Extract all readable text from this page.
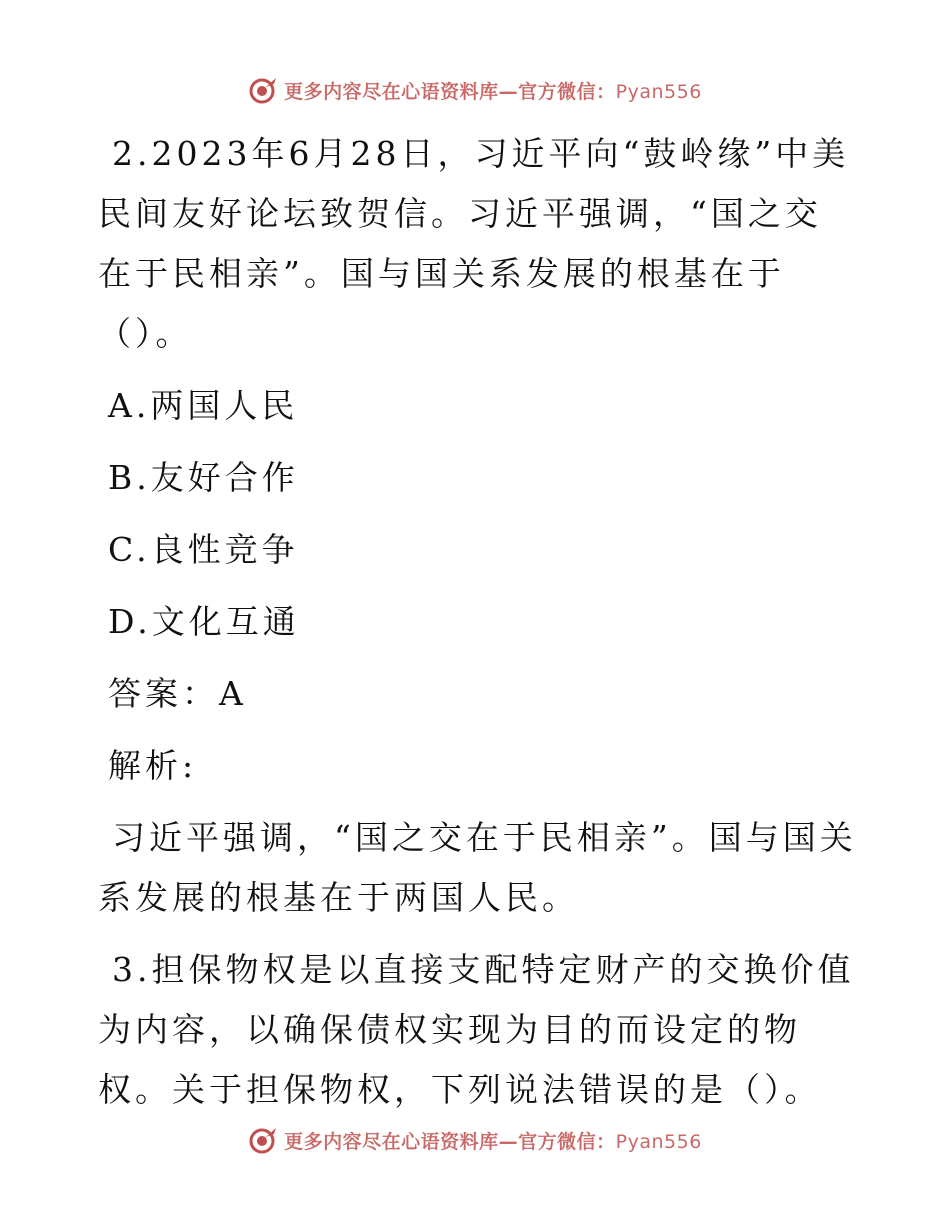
更多内容尽在心语资料库—官方微信：Pyan556

2.2023年6月28日，习近平向“鼓岭缘”中美民间友好论坛致贺信。习近平强调，“国之交在于民相亲”。国与国关系发展的根基在于（）。

A.两国人民

B.友好合作

C.良性竞争

D.文化互通

答案：A

解析:

习近平强调，“国之交在于民相亲”。国与国关系发展的根基在于两国人民。

3.担保物权是以直接支配特定财产的交换价值为内容，以确保债权实现为目的而设定的物权。关于担保物权，下列说法错误的是（）。

更多内容尽在心语资料库—官方微信：Pyan556
